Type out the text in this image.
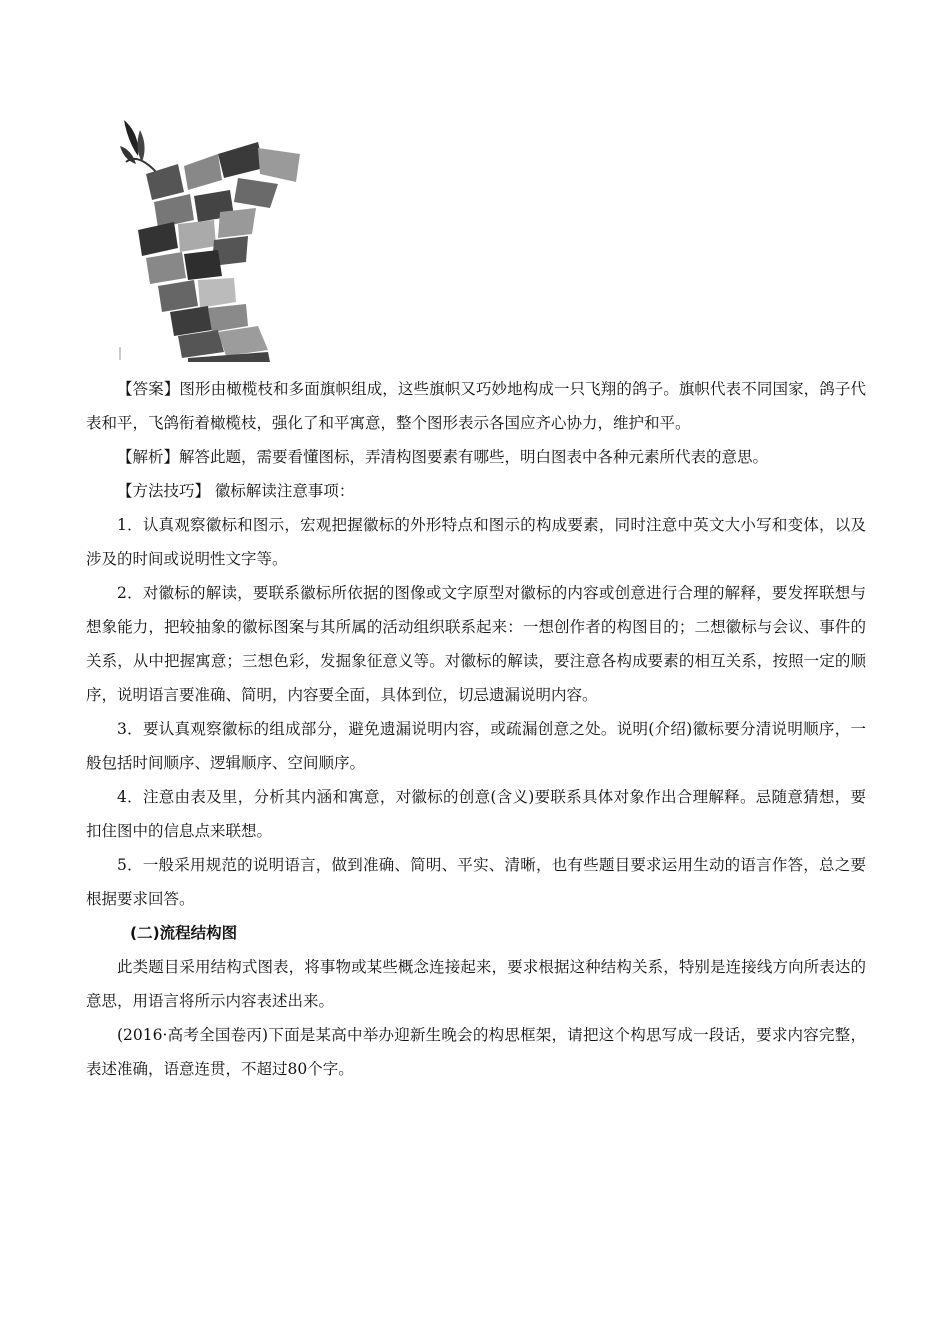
【答案】图形由橄榄枝和多面旗帜组成，这些旗帜又巧妙地构成一只飞翔的鸽子。旗帜代表不同国家，鸽子代表和平，飞鸽衔着橄榄枝，强化了和平寓意，整个图形表示各国应齐心协力，维护和平。

【解析】解答此题，需要看懂图标，弄清构图要素有哪些，明白图表中各种元素所代表的意思。

【方法技巧】 徽标解读注意事项：

1．认真观察徽标和图示，宏观把握徽标的外形特点和图示的构成要素，同时注意中英文大小写和变体，以及涉及的时间或说明性文字等。

2．对徽标的解读，要联系徽标所依据的图像或文字原型对徽标的内容或创意进行合理的解释，要发挥联想与想象能力，把较抽象的徽标图案与其所属的活动组织联系起来：一想创作者的构图目的；二想徽标与会议、事件的关系，从中把握寓意；三想色彩，发掘象征意义等。对徽标的解读，要注意各构成要素的相互关系，按照一定的顺序，说明语言要准确、简明，内容要全面，具体到位，切忌遗漏说明内容。

3．要认真观察徽标的组成部分，避免遗漏说明内容，或疏漏创意之处。说明(介绍)徽标要分清说明顺序，一般包括时间顺序、逻辑顺序、空间顺序。

4．注意由表及里，分析其内涵和寓意，对徽标的创意(含义)要联系具体对象作出合理解释。忌随意猜想，要扣住图中的信息点来联想。

5．一般采用规范的说明语言，做到准确、简明、平实、清晰，也有些题目要求运用生动的语言作答，总之要根据要求回答。

(二)流程结构图

此类题目采用结构式图表，将事物或某些概念连接起来，要求根据这种结构关系，特别是连接线方向所表达的意思，用语言将所示内容表述出来。

(2016·高考全国卷丙)下面是某高中举办迎新生晚会的构思框架，请把这个构思写成一段话，要求内容完整，表述准确，语意连贯，不超过80个字。
